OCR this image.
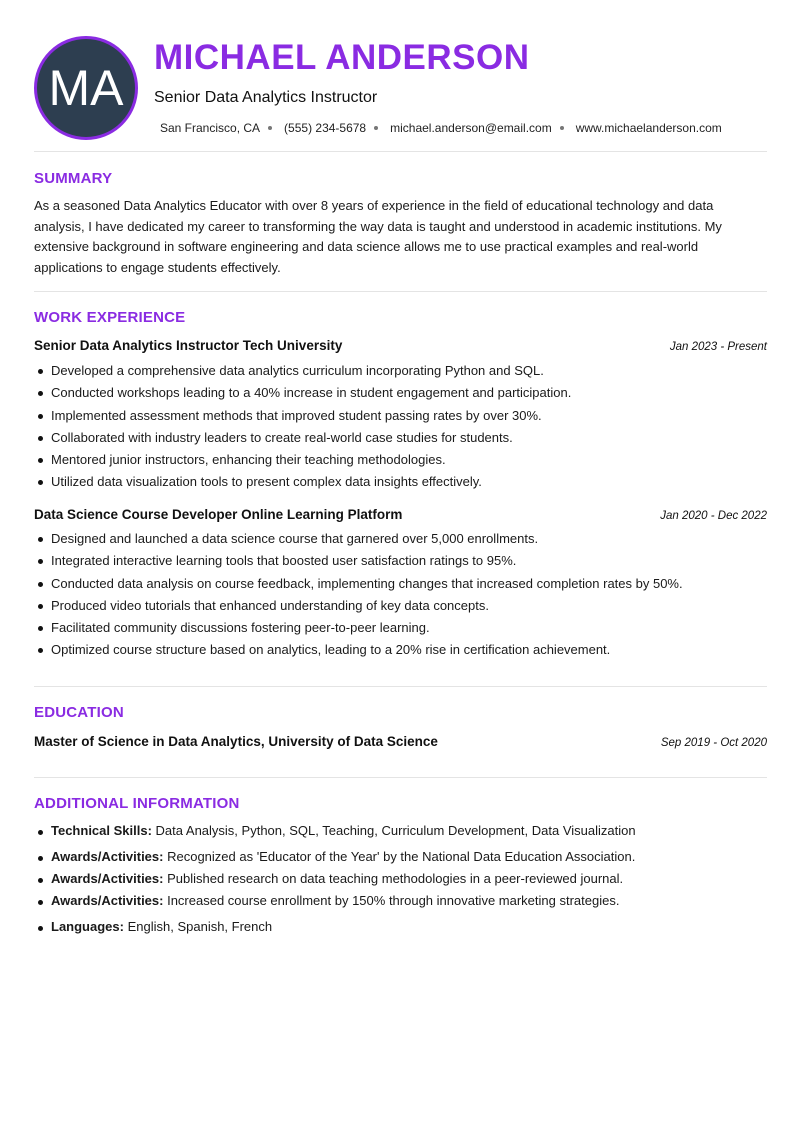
MA
MICHAEL ANDERSON
Senior Data Analytics Instructor
San Francisco, CA (555) 234-5678 michael.anderson@email.com www.michaelanderson.com
SUMMARY
As a seasoned Data Analytics Educator with over 8 years of experience in the field of educational technology and data analysis, I have dedicated my career to transforming the way data is taught and understood in academic institutions. My extensive background in software engineering and data science allows me to use practical examples and real-world applications to engage students effectively.
WORK EXPERIENCE
Senior Data Analytics Instructor Tech University	Jan 2023 - Present
Developed a comprehensive data analytics curriculum incorporating Python and SQL.
Conducted workshops leading to a 40% increase in student engagement and participation.
Implemented assessment methods that improved student passing rates by over 30%.
Collaborated with industry leaders to create real-world case studies for students.
Mentored junior instructors, enhancing their teaching methodologies.
Utilized data visualization tools to present complex data insights effectively.
Data Science Course Developer Online Learning Platform	Jan 2020 - Dec 2022
Designed and launched a data science course that garnered over 5,000 enrollments.
Integrated interactive learning tools that boosted user satisfaction ratings to 95%.
Conducted data analysis on course feedback, implementing changes that increased completion rates by 50%.
Produced video tutorials that enhanced understanding of key data concepts.
Facilitated community discussions fostering peer-to-peer learning.
Optimized course structure based on analytics, leading to a 20% rise in certification achievement.
EDUCATION
Master of Science in Data Analytics, University of Data Science	Sep 2019 - Oct 2020
ADDITIONAL INFORMATION
Technical Skills: Data Analysis, Python, SQL, Teaching, Curriculum Development, Data Visualization
Awards/Activities: Recognized as 'Educator of the Year' by the National Data Education Association.
Awards/Activities: Published research on data teaching methodologies in a peer-reviewed journal.
Awards/Activities: Increased course enrollment by 150% through innovative marketing strategies.
Languages: English, Spanish, French
